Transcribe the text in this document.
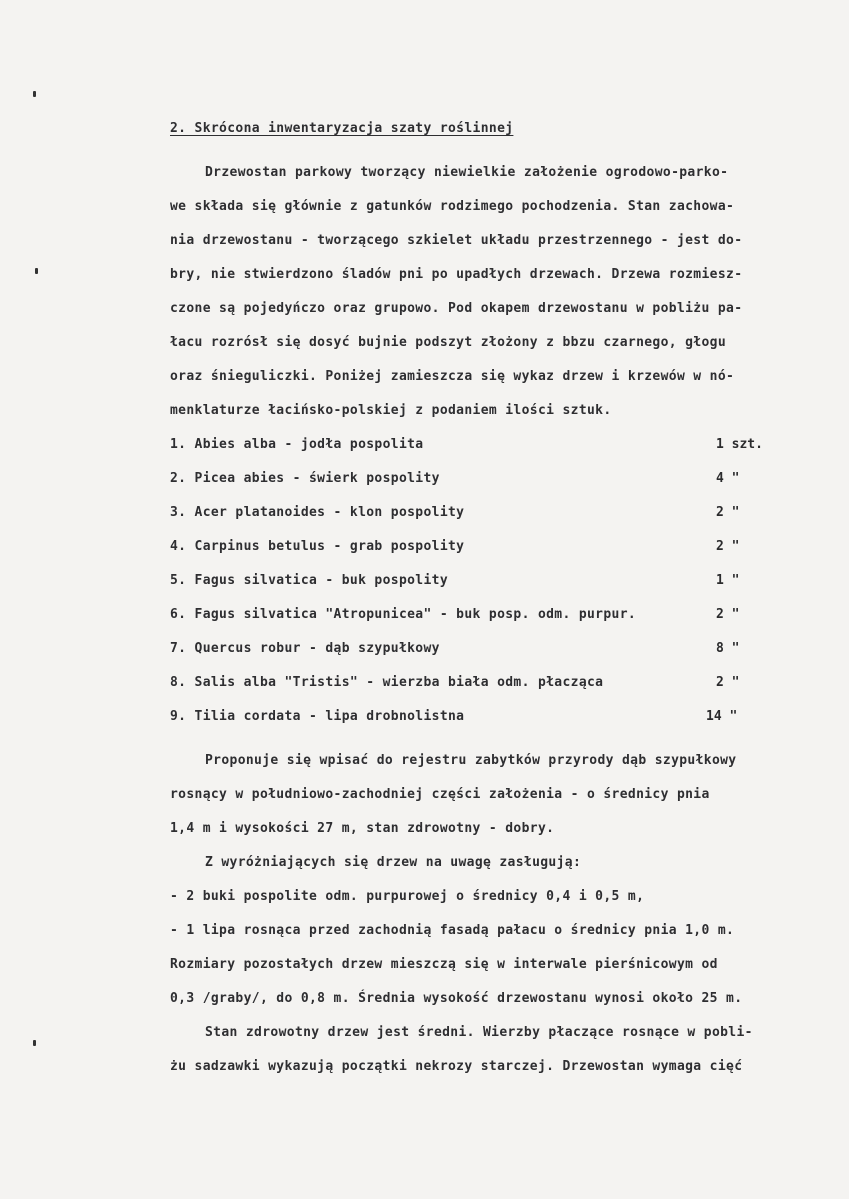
2. Skrócona inwentaryzacja szaty roślinnej
Drzewostan parkowy tworzący niewielkie założenie ogrodowo-parko-
we składa się głównie z gatunków rodzimego pochodzenia. Stan zachowa-
nia drzewostanu - tworzącego szkielet układu przestrzennego - jest do-
bry, nie stwierdzono śladów pni po upadłych drzewach. Drzewa rozmiesz-
czone są pojedyńczo oraz grupowo. Pod okapem drzewostanu w pobliżu pa-
łacu rozrósł się dosyć bujnie podszyt złożony z bbzu czarnego, głogu
oraz śnieguliczki. Poniżej zamieszcza się wykaz drzew i krzewów w nó-
menklaturze łacińsko-polskiej z podaniem ilości sztuk.
1. Abies alba - jodła pospolita	1 szt.
2. Picea abies - świerk pospolity	4 "
3. Acer platanoides - klon pospolity	2 "
4. Carpinus betulus - grab pospolity	2 "
5. Fagus silvatica - buk pospolity	1 "
6. Fagus silvatica "Atropunicea" - buk posp. odm. purpur.	2 "
7. Quercus robur - dąb szypułkowy	8 "
8. Salis alba "Tristis" - wierzba biała odm. płacząca	2 "
9. Tilia cordata - lipa drobnolistna	14 "
Proponuje się wpisać do rejestru zabytków przyrody dąb szypułkowy
rosnący w południowo-zachodniej części założenia - o średnicy pnia
1,4 m i wysokości 27 m, stan zdrowotny - dobry.
Z wyróżniających się drzew na uwagę zasługują:
- 2 buki pospolite odm. purpurowej o średnicy 0,4 i 0,5 m,
- 1 lipa rosnąca przed zachodnią fasadą pałacu o średnicy pnia 1,0 m.
Rozmiary pozostałych drzew mieszczą się w interwale pierśnicowym od
0,3 /graby/, do 0,8 m. Średnia wysokość drzewostanu wynosi około 25 m.
Stan zdrowotny drzew jest średni. Wierzby płaczące rosnące w pobli-
żu sadzawki wykazują początki nekrozy starczej. Drzewostan wymaga cięć
